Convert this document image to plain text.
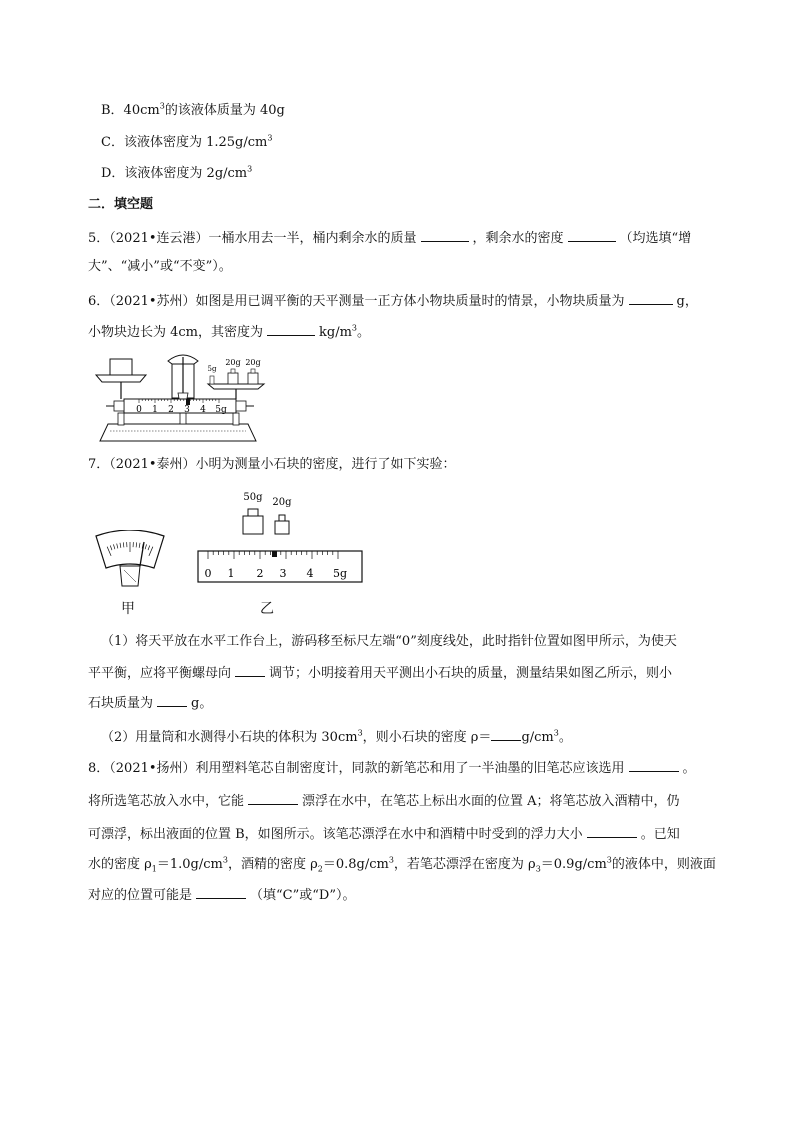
B．$40cm^3$的该液体质量为 40g
C．该液体密度为 $1.25g/cm^3$
D．该液体密度为 $2g/cm^3$
二．填空题
5．（2021•连云港）一桶水用去一半，桶内剩余水的质量	，剩余水的密度	（均选填“增
大”、“减小”或“不变”）。
6．（2021•苏州）如图是用已调平衡的天平测量一正方体小物块质量时的情景，小物块质量为	g，
小物块边长为 4cm，其密度为	$kg/m^3$。
5g
20g 20g
0 1 2 3 4 5g
7．（2021•泰州）小明为测量小石块的密度，进行了如下实验：
50g 20g
0 1 2 3 4 5g
甲	乙
（1）将天平放在水平工作台上，游码移至标尺左端“0”刻度线处，此时指针位置如图甲所示，为使天
平平衡，应将平衡螺母向	调节；小明接着用天平测出小石块的质量，测量结果如图乙所示，则小
石块质量为	g。
（2）用量筒和水测得小石块的体积为 $30cm^3$，则小石块的密度 $\rho= g/cm^3$。
8．（2021•扬州）利用塑料笔芯自制密度计，同款的新笔芯和用了一半油墨的旧笔芯应该选用	。
将所选笔芯放入水中，它能	漂浮在水中，在笔芯上标出水面的位置 A；将笔芯放入酒精中，仍
可漂浮，标出液面的位置 B，如图所示。该笔芯漂浮在水中和酒精中时受到的浮力大小	。已知
水的密度 $\rho_1=1.0g/cm^3$，酒精的密度 $\rho_2=0.8g/cm^3$，若笔芯漂浮在密度为 $\rho_3=0.9g/cm^3$的液体中，则液面
对应的位置可能是	（填“C”或“D”）。
